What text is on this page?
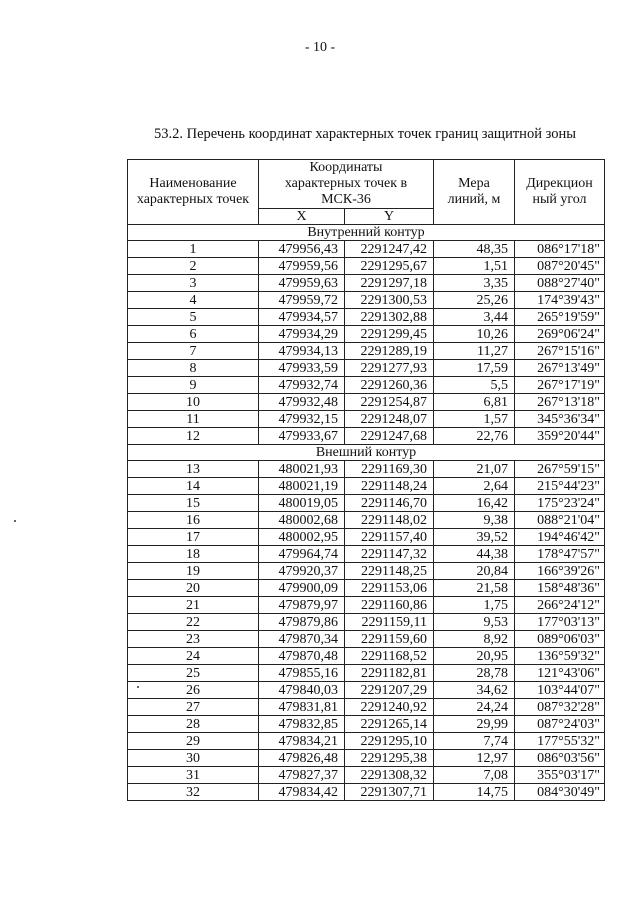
- 10 -
53.2. Перечень координат характерных точек границ защитной зоны
Наименование характерных точек	Координаты характерных точек в МСК-36		Мера линий, м	Дирекцион ный угол
	X	Y		
Внутренний контур				
1	479956,43	2291247,42	48,35	086°17'18"
2	479959,56	2291295,67	1,51	087°20'45"
3	479959,63	2291297,18	3,35	088°27'40"
4	479959,72	2291300,53	25,26	174°39'43"
5	479934,57	2291302,88	3,44	265°19'59"
6	479934,29	2291299,45	10,26	269°06'24"
7	479934,13	2291289,19	11,27	267°15'16"
8	479933,59	2291277,93	17,59	267°13'49"
9	479932,74	2291260,36	5,5	267°17'19"
10	479932,48	2291254,87	6,81	267°13'18"
11	479932,15	2291248,07	1,57	345°36'34"
12	479933,67	2291247,68	22,76	359°20'44"
Внешний контур				
13	480021,93	2291169,30	21,07	267°59'15"
14	480021,19	2291148,24	2,64	215°44'23"
15	480019,05	2291146,70	16,42	175°23'24"
16	480002,68	2291148,02	9,38	088°21'04"
17	480002,95	2291157,40	39,52	194°46'42"
18	479964,74	2291147,32	44,38	178°47'57"
19	479920,37	2291148,25	20,84	166°39'26"
20	479900,09	2291153,06	21,58	158°48'36"
21	479879,97	2291160,86	1,75	266°24'12"
22	479879,86	2291159,11	9,53	177°03'13"
23	479870,34	2291159,60	8,92	089°06'03"
24	479870,48	2291168,52	20,95	136°59'32"
25	479855,16	2291182,81	28,78	121°43'06"
26	479840,03	2291207,29	34,62	103°44'07"
27	479831,81	2291240,92	24,24	087°32'28"
28	479832,85	2291265,14	29,99	087°24'03"
29	479834,21	2291295,10	7,74	177°55'32"
30	479826,48	2291295,38	12,97	086°03'56"
31	479827,37	2291308,32	7,08	355°03'17"
32	479834,42	2291307,71	14,75	084°30'49"
